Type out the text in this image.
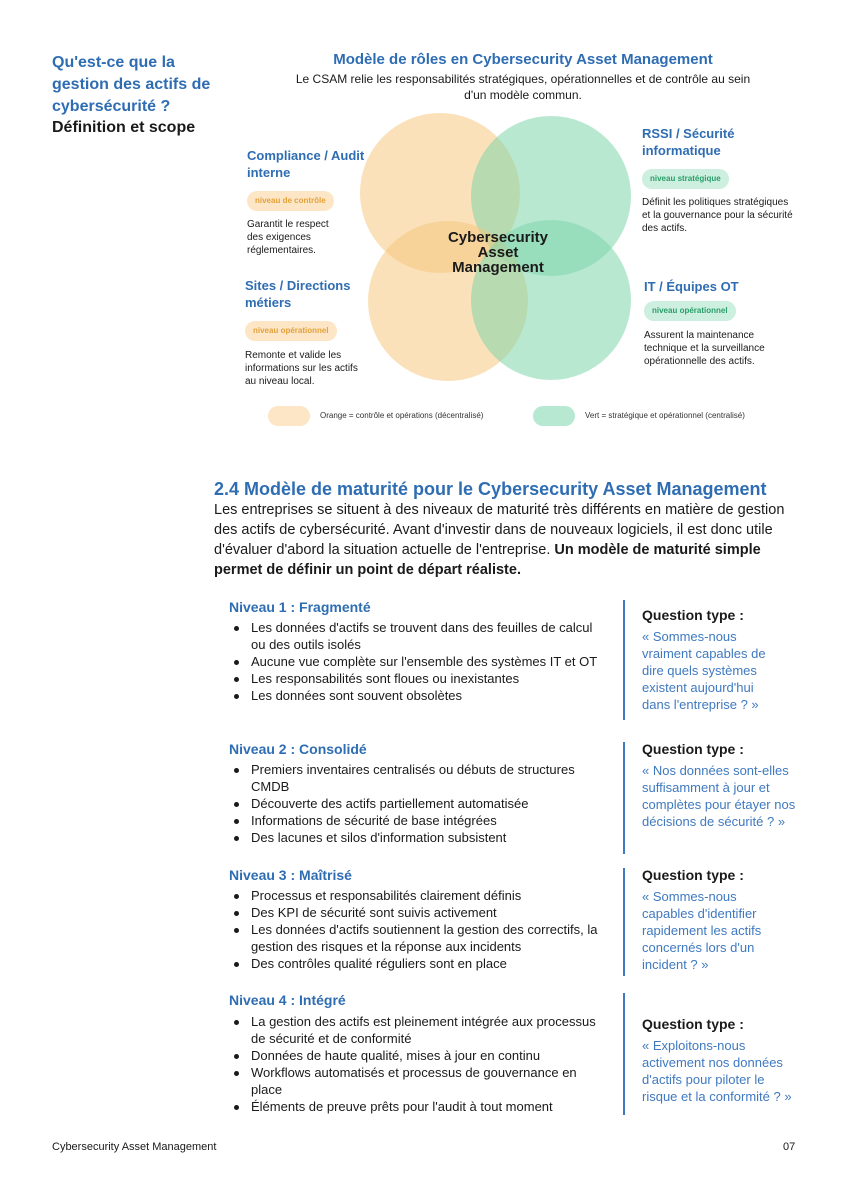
Qu'est-ce que la gestion des actifs de cybersécurité ?
Définition et scope
Modèle de rôles en Cybersecurity Asset Management
Le CSAM relie les responsabilités stratégiques, opérationnelles et de contrôle au sein d'un modèle commun.
Cybersecurity
Asset
Management
Compliance / Audit interne
niveau de contrôle
Garantit le respect des exigences réglementaires.
Sites / Directions métiers
niveau opérationnel
Remonte et valide les informations sur les actifs au niveau local.
RSSI / Sécurité informatique
niveau stratégique
Définit les politiques stratégiques et la gouvernance pour la sécurité des actifs.
IT / Équipes OT
niveau opérationnel
Assurent la maintenance technique et la surveillance opérationnelle des actifs.
Orange = contrôle et opérations (décentralisé)	Vert = stratégique et opérationnel (centralisé)
2.4 Modèle de maturité pour le Cybersecurity Asset Management
Les entreprises se situent à des niveaux de maturité très différents en matière de gestion des actifs de cybersécurité. Avant d'investir dans de nouveaux logiciels, il est donc utile d'évaluer d'abord la situation actuelle de l'entreprise. Un modèle de maturité simple permet de définir un point de départ réaliste.
Niveau 1 : Fragmenté
Les données d'actifs se trouvent dans des feuilles de calcul ou des outils isolés
Aucune vue complète sur l'ensemble des systèmes IT et OT
Les responsabilités sont floues ou inexistantes
Les données sont souvent obsolètes
Question type :
« Sommes-nous vraiment capables de dire quels systèmes existent aujourd'hui dans l'entreprise ? »
Niveau 2 : Consolidé
Premiers inventaires centralisés ou débuts de structures CMDB
Découverte des actifs partiellement automatisée
Informations de sécurité de base intégrées
Des lacunes et silos d'information subsistent
Question type :
« Nos données sont-elles suffisamment à jour et complètes pour étayer nos décisions de sécurité ? »
Niveau 3 : Maîtrisé
Processus et responsabilités clairement définis
Des KPI de sécurité sont suivis activement
Les données d'actifs soutiennent la gestion des correctifs, la gestion des risques et la réponse aux incidents
Des contrôles qualité réguliers sont en place
Question type :
« Sommes-nous capables d'identifier rapidement les actifs concernés lors d'un incident ? »
Niveau 4 : Intégré
La gestion des actifs est pleinement intégrée aux processus de sécurité et de conformité
Données de haute qualité, mises à jour en continu
Workflows automatisés et processus de gouvernance en place
Éléments de preuve prêts pour l'audit à tout moment
Question type :
« Exploitons-nous activement nos données d'actifs pour piloter le risque et la conformité ? »
Cybersecurity Asset Management	07
